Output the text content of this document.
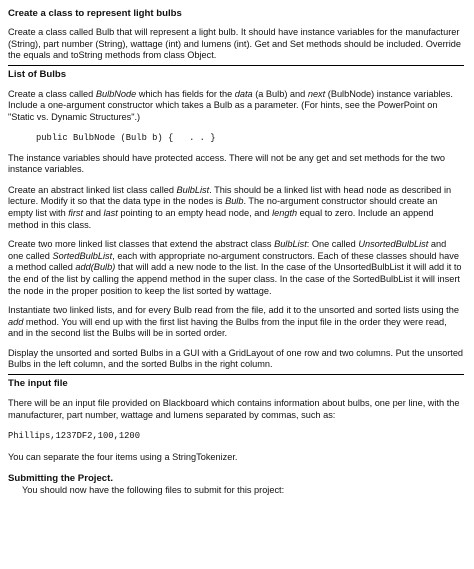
Create a class to represent light bulbs

Create a class called Bulb that will represent a light bulb. It should have instance variables for the manufacturer (String), part number (String), wattage (int) and lumens (int). Get and Set methods should be included. Override the equals and toString methods from class Object.

List of Bulbs

Create a class called BulbNode which has fields for the data (a Bulb) and next (BulbNode) instance variables. Include a one-argument constructor which takes a Bulb as a parameter. (For hints, see the PowerPoint on "Static vs. Dynamic Structures".)

public BulbNode (Bulb b) {   . . }

The instance variables should have protected access. There will not be any get and set methods for the two instance variables.

Create an abstract linked list class called BulbList. This should be a linked list with head node as described in lecture. Modify it so that the data type in the nodes is Bulb. The no-argument constructor should create an empty list with first and last pointing to an empty head node, and length equal to zero. Include an append method in this class.

Create two more linked list classes that extend the abstract class BulbList: One called UnsortedBulbList and one called SortedBulbList, each with appropriate no-argument constructors. Each of these classes should have a method called add(Bulb) that will add a new node to the list. In the case of the UnsortedBulbList it will add it to the end of the list by calling the append method in the super class. In the case of the SortedBulbList it will insert the node in the proper position to keep the list sorted by wattage.

Instantiate two linked lists, and for every Bulb read from the file, add it to the unsorted and sorted lists using the add method. You will end up with the first list having the Bulbs from the input file in the order they were read, and in the second list the Bulbs will be in sorted order.

Display the unsorted and sorted Bulbs in a GUI with a GridLayout of one row and two columns. Put the unsorted Bulbs in the left column, and the sorted Bulbs in the right column.

The input file

There will be an input file provided on Blackboard which contains information about bulbs, one per line, with the manufacturer, part number, wattage and lumens separated by commas, such as:

Phillips,1237DF2,100,1200

You can separate the four items using a StringTokenizer.

Submitting the Project.

You should now have the following files to submit for this project:
